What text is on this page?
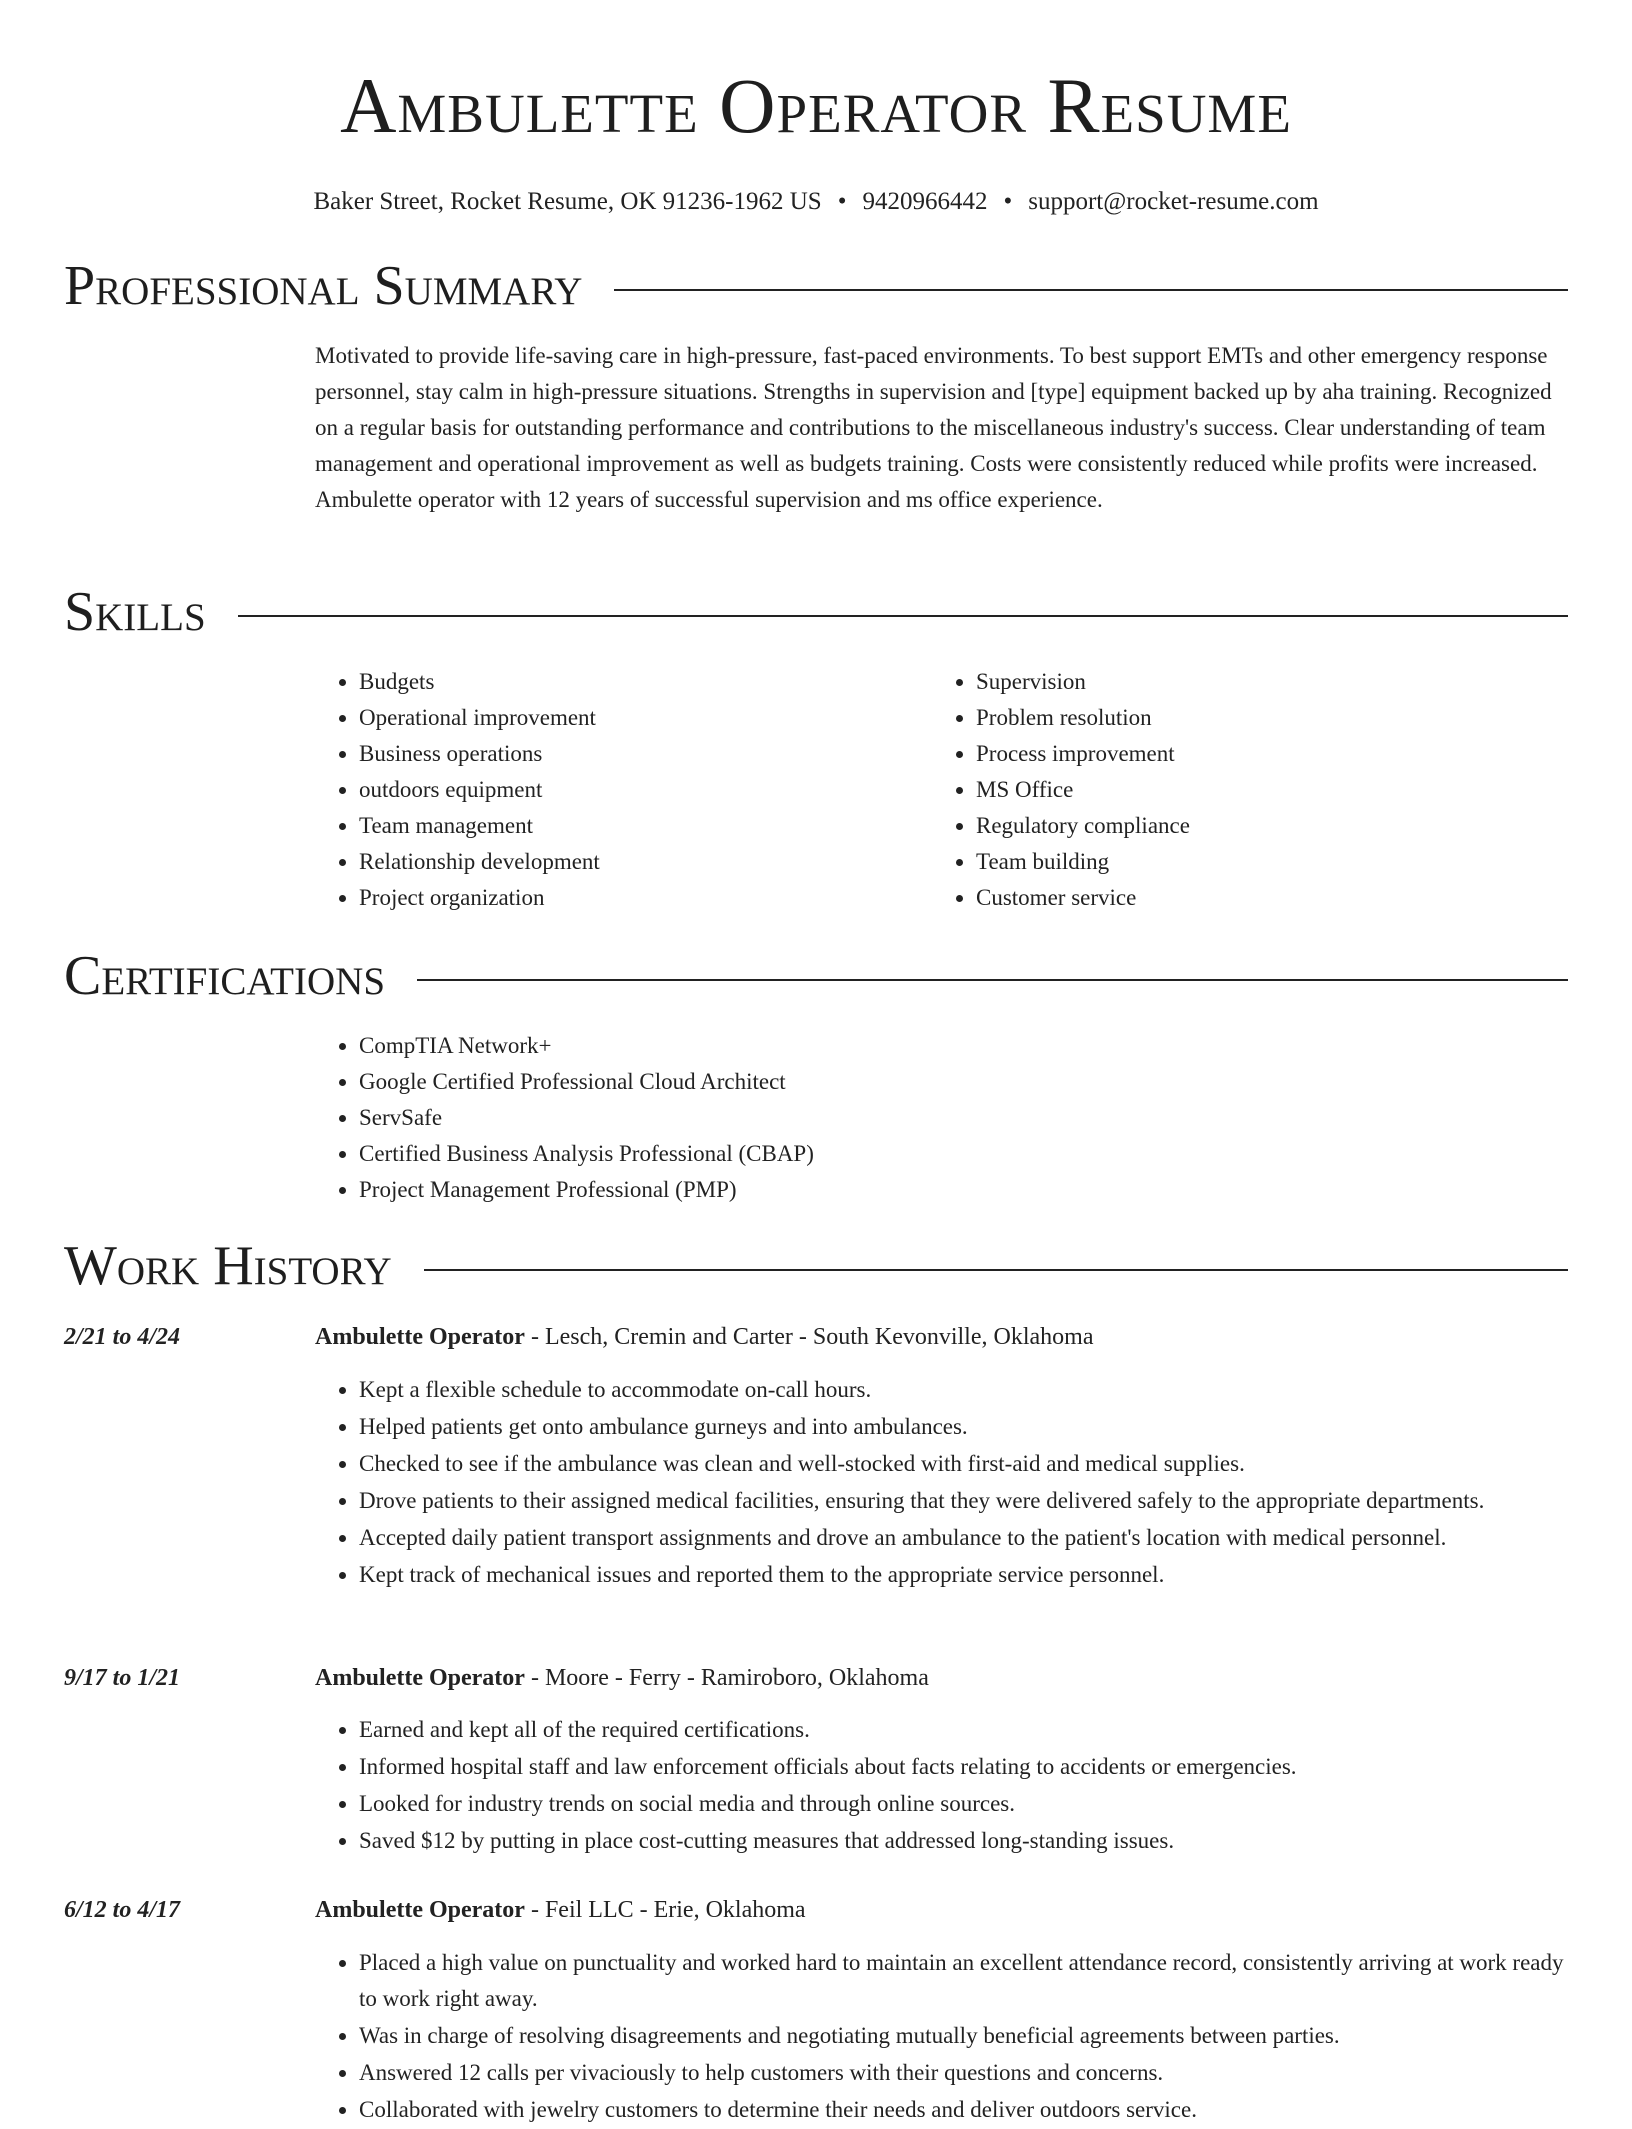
Ambulette Operator Resume
Baker Street, Rocket Resume, OK 91236-1962 US • 9420966442 • support@rocket-resume.com
Professional Summary

Motivated to provide life-saving care in high-pressure, fast-paced environments. To best support EMTs and other emergency response personnel, stay calm in high-pressure situations. Strengths in supervision and [type] equipment backed up by aha training. Recognized on a regular basis for outstanding performance and contributions to the miscellaneous industry's success. Clear understanding of team management and operational improvement as well as budgets training. Costs were consistently reduced while profits were increased. Ambulette operator with 12 years of successful supervision and ms office experience.

Skills
• Budgets
• Operational improvement
• Business operations
• outdoors equipment
• Team management
• Relationship development
• Project organization
• Supervision
• Problem resolution
• Process improvement
• MS Office
• Regulatory compliance
• Team building
• Customer service
Certifications
• CompTIA Network+
• Google Certified Professional Cloud Architect
• ServSafe
• Certified Business Analysis Professional (CBAP)
• Project Management Professional (PMP)
Work History
2/21 to 4/24	Ambulette Operator - Lesch, Cremin and Carter - South Kevonville, Oklahoma
• Kept a flexible schedule to accommodate on-call hours.
• Helped patients get onto ambulance gurneys and into ambulances.
• Checked to see if the ambulance was clean and well-stocked with first-aid and medical supplies.
• Drove patients to their assigned medical facilities, ensuring that they were delivered safely to the appropriate departments.
• Accepted daily patient transport assignments and drove an ambulance to the patient's location with medical personnel.
• Kept track of mechanical issues and reported them to the appropriate service personnel.
9/17 to 1/21	Ambulette Operator - Moore - Ferry - Ramiroboro, Oklahoma
• Earned and kept all of the required certifications.
• Informed hospital staff and law enforcement officials about facts relating to accidents or emergencies.
• Looked for industry trends on social media and through online sources.
• Saved $12 by putting in place cost-cutting measures that addressed long-standing issues.
6/12 to 4/17	Ambulette Operator - Feil LLC - Erie, Oklahoma
• Placed a high value on punctuality and worked hard to maintain an excellent attendance record, consistently arriving at work ready to work right away.
• Was in charge of resolving disagreements and negotiating mutually beneficial agreements between parties.
• Answered 12 calls per vivaciously to help customers with their questions and concerns.
• Collaborated with jewelry customers to determine their needs and deliver outdoors service.
